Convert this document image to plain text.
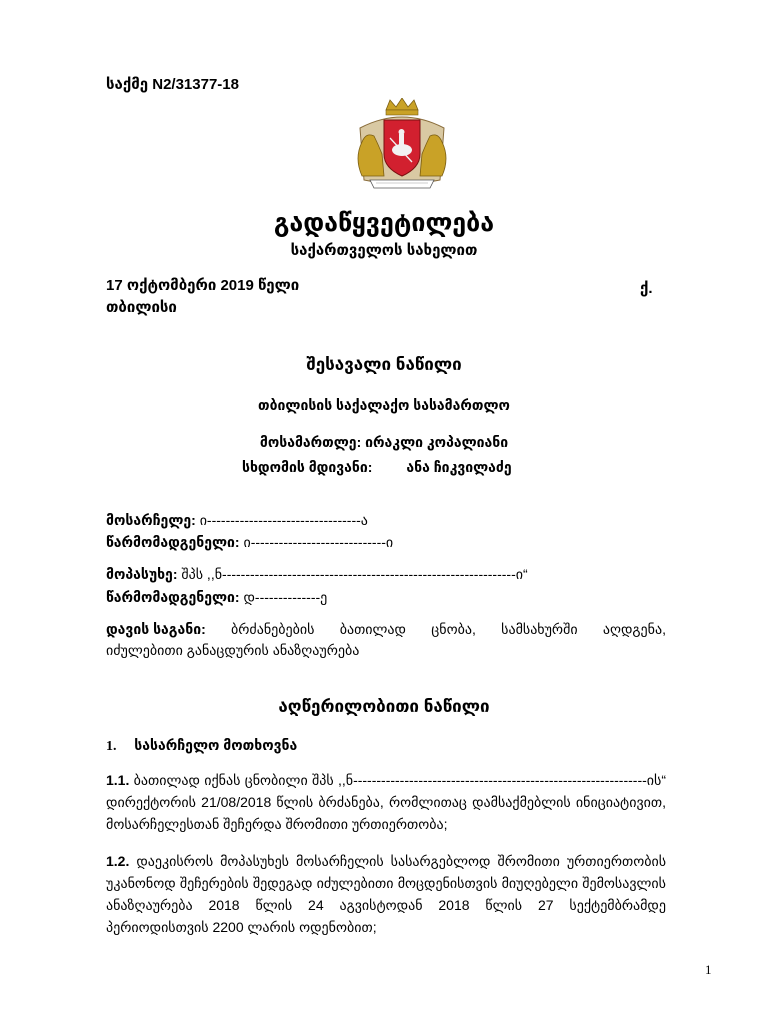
საქმე N2/31377-18
გადაწყვეტილება
საქართველოს სახელით
17 ოქტომბერი 2019 წელი	ქ.
თბილისი
შესავალი ნაწილი
თბილისის საქალაქო სასამართლო
მოსამართლე: ირაკლი კოპალიანი
სხდომის მდივანი: ანა ჩიკვილაძე
მოსარჩელე: ი---------------------------------ა
წარმომადგენელი: ი-----------------------------ი
მოპასუხე: შპს ,,ნ---------------------------------------------------------------ი“
წარმომადგენელი: დ--------------ე
დავის საგანი: ბრძანებების ბათილად ცნობა, სამსახურში აღდგენა,
იძულებითი განაცდურის ანაზღაურება
აღწერილობითი ნაწილი
1. სასარჩელო მოთხოვნა
1.1. ბათილად იქნას ცნობილი შპს ,,ნ---------------------------------------------------------------ის“ დირექტორის 21/08/2018 წლის ბრძანება, რომლითაც დამსაქმებლის ინიციატივით, მოსარჩელესთან შეჩერდა შრომითი ურთიერთობა;
1.2. დაეკისროს მოპასუხეს მოსარჩელის სასარგებლოდ შრომითი ურთიერთობის უკანონოდ შეჩერების შედეგად იძულებითი მოცდენისთვის მიუღებელი შემოსავლის ანაზღაურება 2018 წლის 24 აგვისტოდან 2018 წლის 27 სექტემბრამდე პერიოდისთვის 2200 ლარის ოდენობით;
1
